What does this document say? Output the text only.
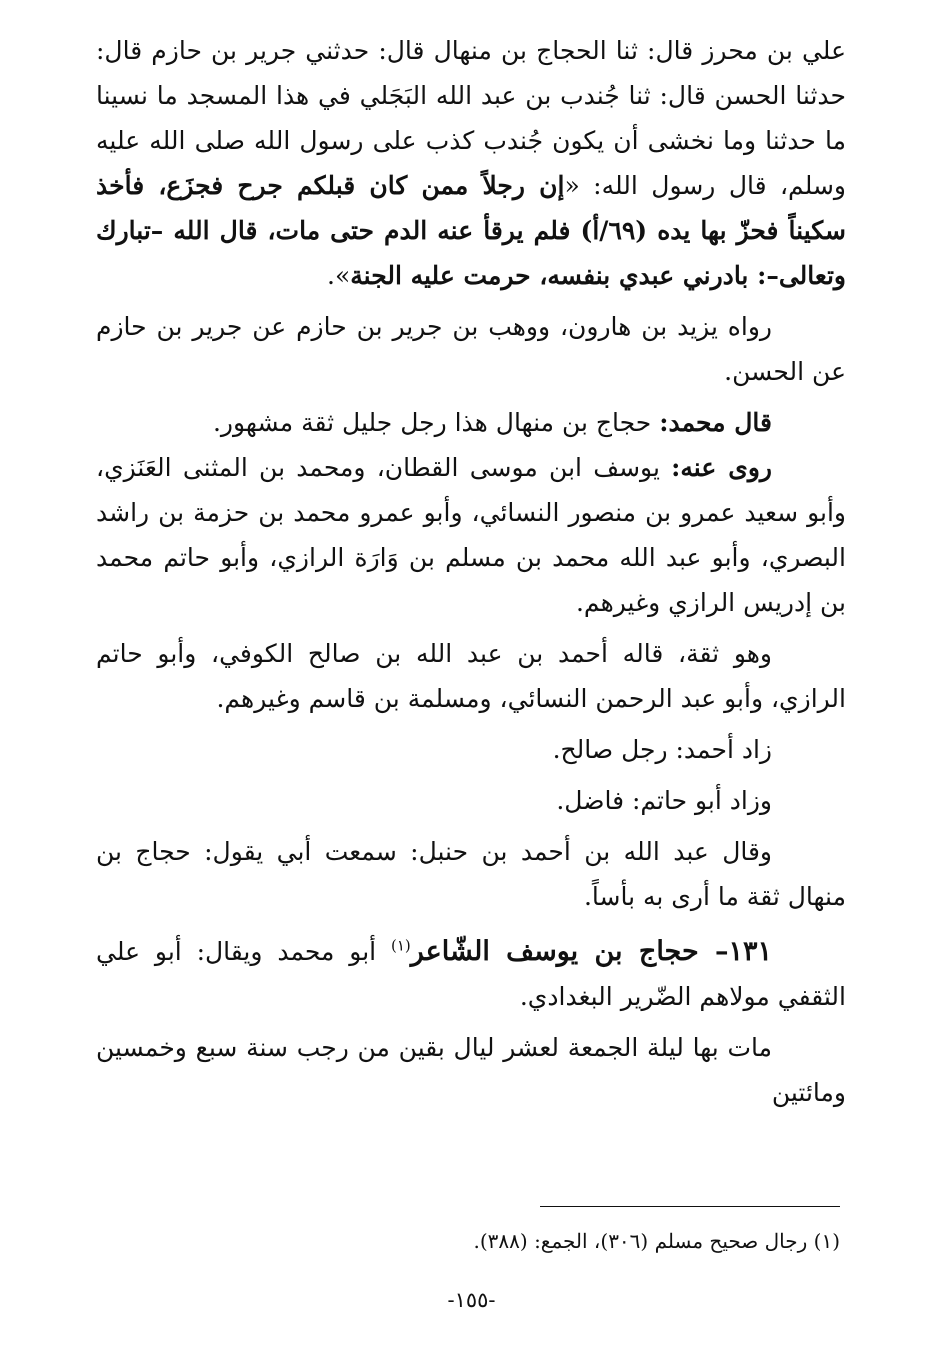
علي بن محرز قال: ثنا الحجاج بن منهال قال: حدثني جرير بن حازم قال: حدثنا الحسن قال: ثنا جُندب بن عبد الله البَجَلي في هذا المسجد ما نسينا ما حدثنا وما نخشى أن يكون جُندب كذب على رسول الله صلى الله عليه وسلم، قال رسول الله: «إن رجلاً ممن كان قبلكم جرح فجزَع، فأخذ سكيناً فحزّ بها يده (٦٩/أ) فلم يرقأ عنه الدم حتى مات، قال الله –تبارك وتعالى–: بادرني عبدي بنفسه، حرمت عليه الجنة».

رواه يزيد بن هارون، ووهب بن جرير بن حازم عن جرير بن حازم عن الحسن.

قال محمد: حجاج بن منهال هذا رجل جليل ثقة مشهور.

روى عنه: يوسف ابن موسى القطان، ومحمد بن المثنى العَنَزي، وأبو سعيد عمرو بن منصور النسائي، وأبو عمرو محمد بن حزمة بن راشد البصري، وأبو عبد الله محمد بن مسلم بن وَارَة الرازي، وأبو حاتم محمد بن إدريس الرازي وغيرهم.

وهو ثقة، قاله أحمد بن عبد الله بن صالح الكوفي، وأبو حاتم الرازي، وأبو عبد الرحمن النسائي، ومسلمة بن قاسم وغيرهم.

زاد أحمد: رجل صالح.

وزاد أبو حاتم: فاضل.

وقال عبد الله بن أحمد بن حنبل: سمعت أبي يقول: حجاج بن منهال ثقة ما أرى به بأساً.

١٣١– حجاج بن يوسف الشّاعر$^{(١)}$ أبو محمد ويقال: أبو علي الثقفي مولاهم الضّرير البغدادي.

مات بها ليلة الجمعة لعشر ليال بقين من رجب سنة سبع وخمسين ومائتين

(١) رجال صحيح مسلم (٣٠٦)، الجمع: (٣٨٨).
-١٥٥-
